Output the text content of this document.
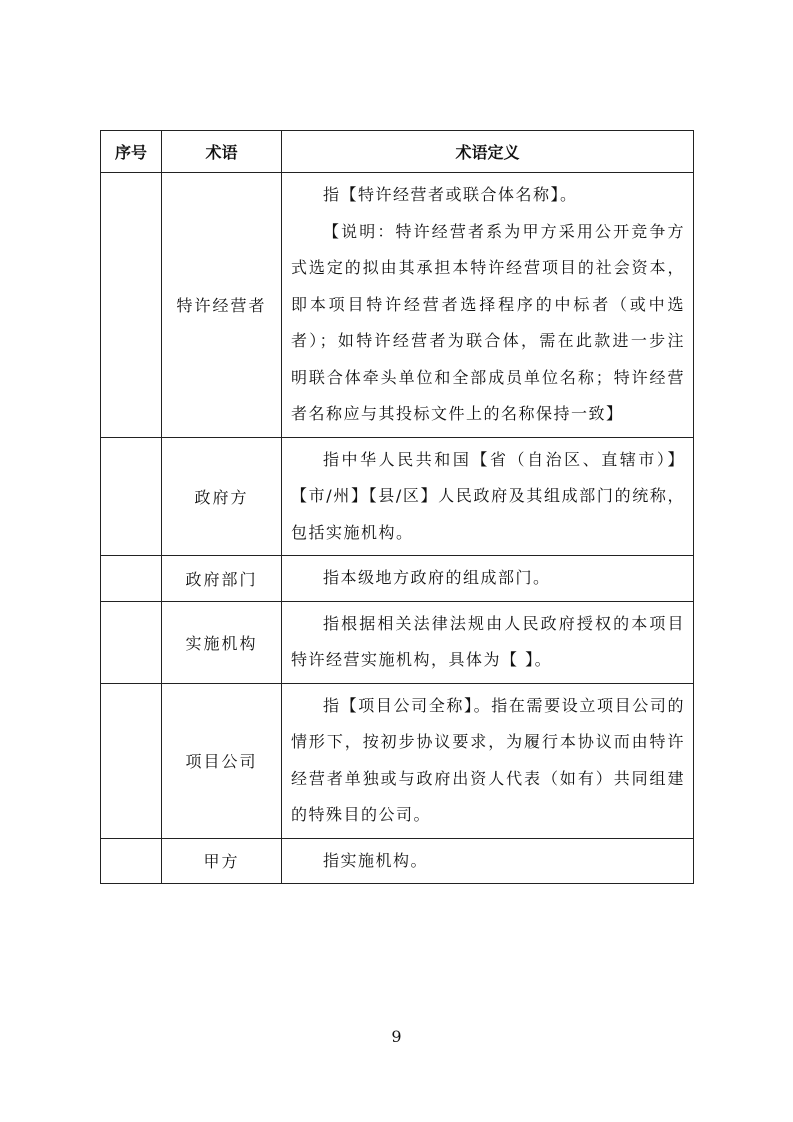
序号	术语	术语定义
	特许经营者	指【特许经营者或联合体名称】。

【说明：特许经营者系为甲方采用公开竞争方式选定的拟由其承担本特许经营项目的社会资本，即本项目特许经营者选择程序的中标者（或中选者）；如特许经营者为联合体，需在此款进一步注明联合体牵头单位和全部成员单位名称；特许经营者名称应与其投标文件上的名称保持一致】

	政府方	指中华人民共和国【省（自治区、直辖市）】【市/州】【县/区】人民政府及其组成部门的统称，包括实施机构。

	政府部门	指本级地方政府的组成部门。

	实施机构	指根据相关法律法规由人民政府授权的本项目特许经营实施机构，具体为【 】。

	项目公司	指【项目公司全称】。指在需要设立项目公司的情形下，按初步协议要求，为履行本协议而由特许经营者单独或与政府出资人代表（如有）共同组建的特殊目的公司。

	甲方	指实施机构。

9
